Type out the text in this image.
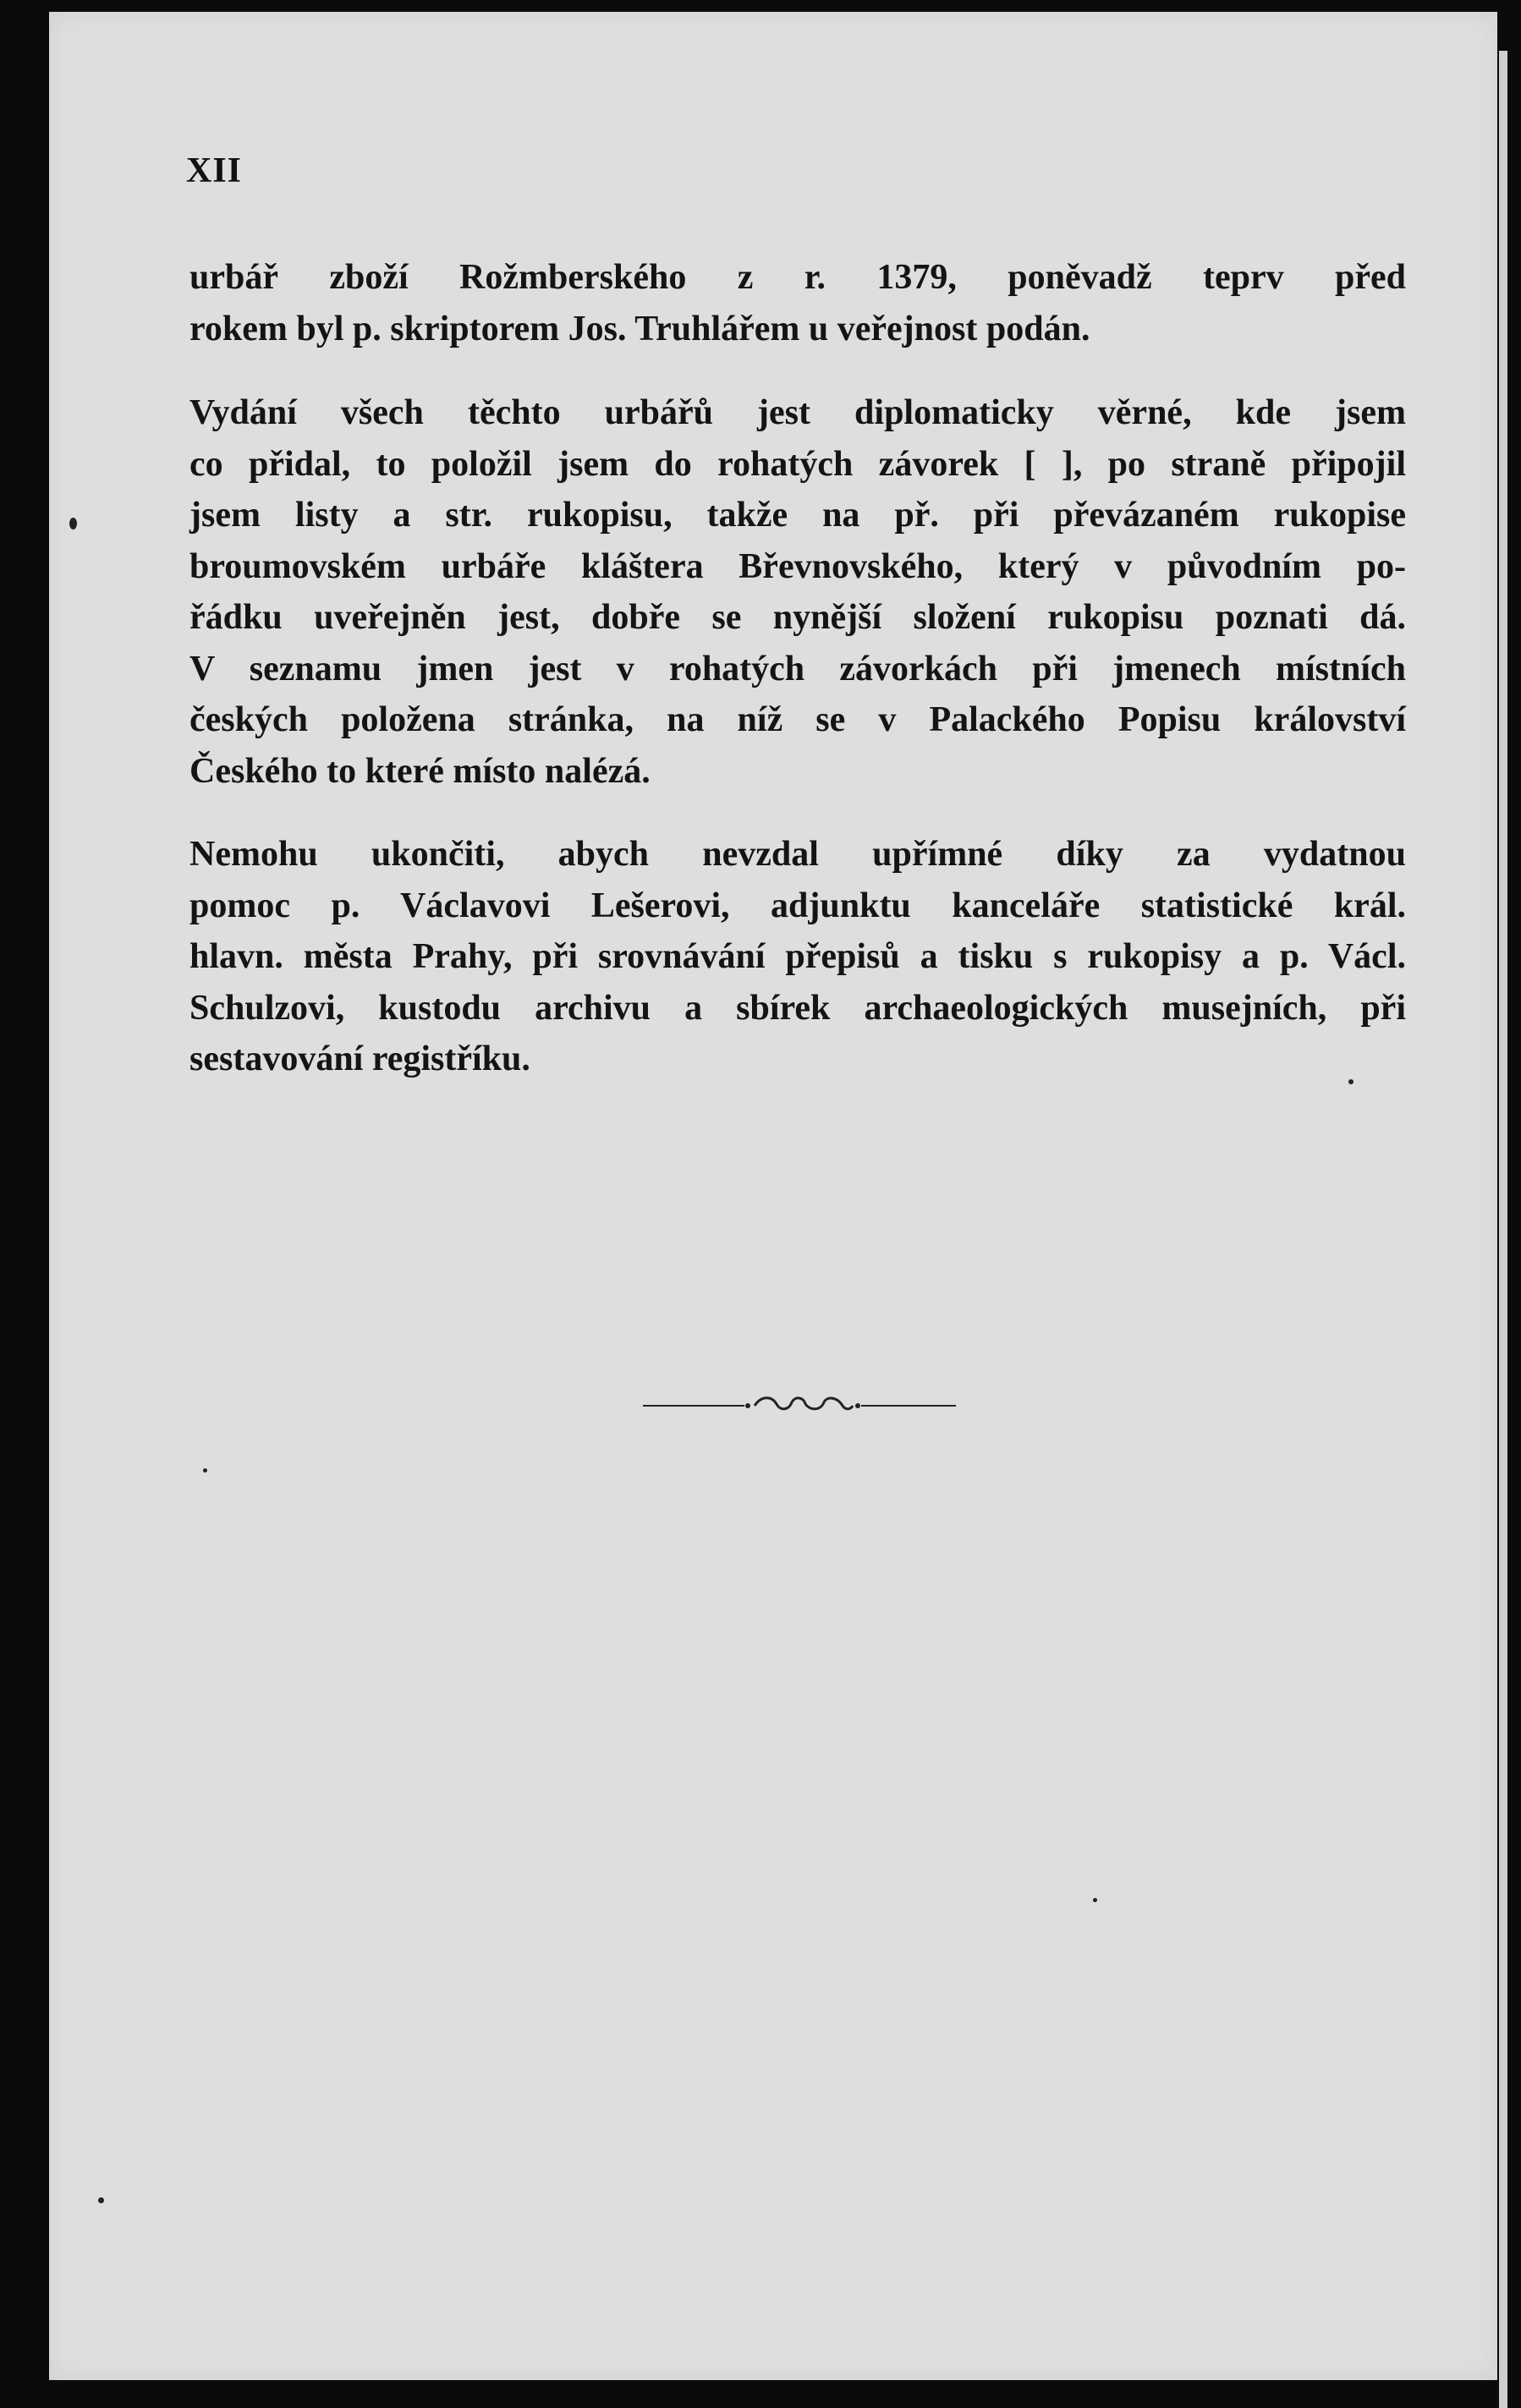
XII
urbář zboží Rožmberského z r. 1379, poněvadž teprv před
rokem byl p. skriptorem Jos. Truhlářem u veřejnost podán.
Vydání všech těchto urbářů jest diplomaticky věrné, kde jsem
co přidal, to položil jsem do rohatých závorek [ ], po straně připojil
jsem listy a str. rukopisu, takže na př. při převázaném rukopise
broumovském urbáře kláštera Břevnovského, který v původním po-
řádku uveřejněn jest, dobře se nynější složení rukopisu poznati dá.
V seznamu jmen jest v rohatých závorkách při jmenech místních
českých položena stránka, na níž se v Palackého Popisu království
Českého to které místo nalézá.
Nemohu ukončiti, abych nevzdal upřímné díky za vydatnou
pomoc p. Václavovi Lešerovi, adjunktu kanceláře statistické král.
hlavn. města Prahy, při srovnávání přepisů a tisku s rukopisy a p. Václ.
Schulzovi, kustodu archivu a sbírek archaeologických musejních, při
sestavování registříku.
